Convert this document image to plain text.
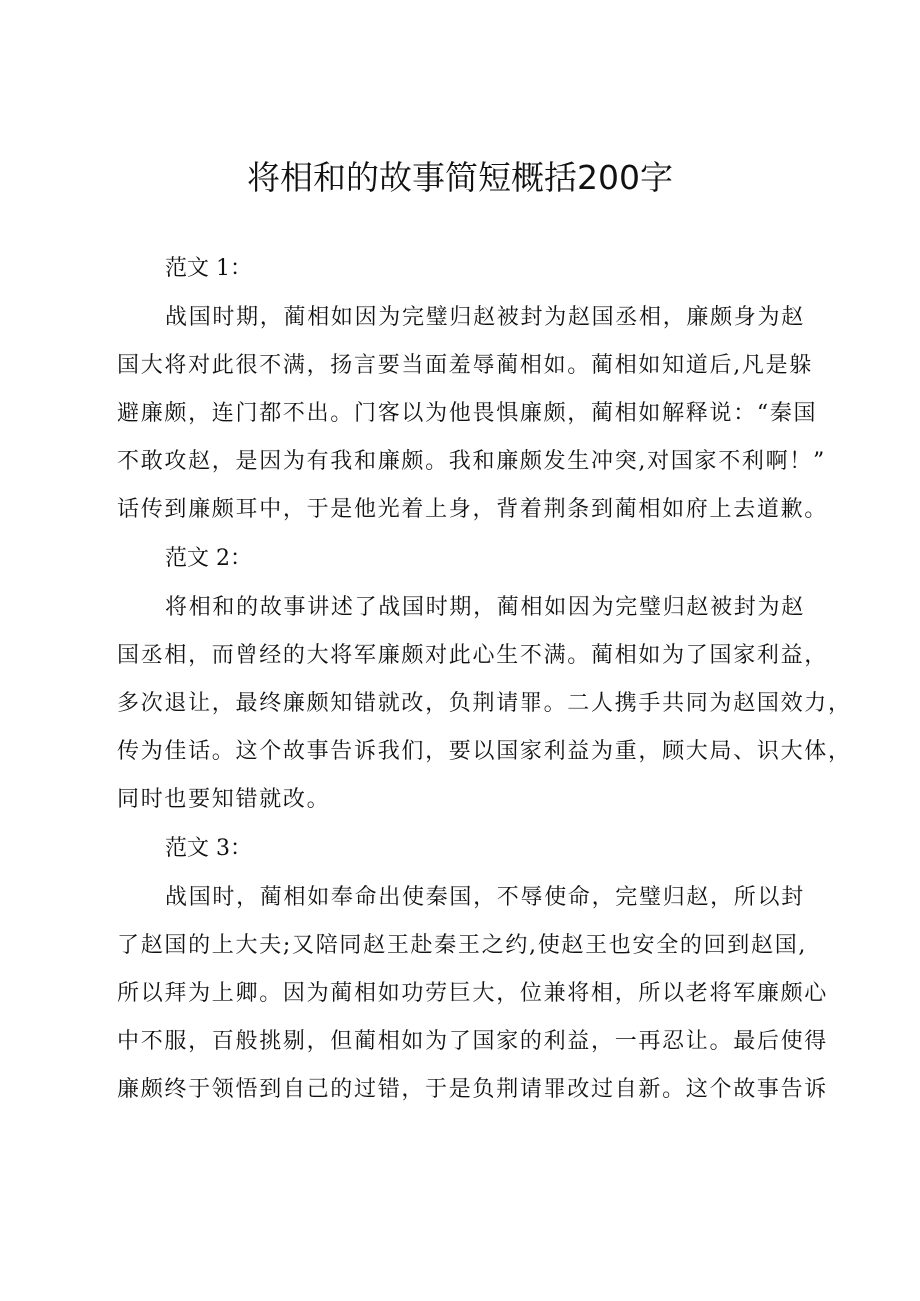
将相和的故事简短概括200字

范文 1：

战国时期，蔺相如因为完璧归赵被封为赵国丞相，廉颇身为赵

国大将对此很不满，扬言要当面羞辱蔺相如。蔺相如知道后,凡是躲

避廉颇，连门都不出。门客以为他畏惧廉颇，蔺相如解释说：“秦国

不敢攻赵，是因为有我和廉颇。我和廉颇发生冲突,对国家不利啊！”

话传到廉颇耳中，于是他光着上身，背着荆条到蔺相如府上去道歉。

范文 2：

将相和的故事讲述了战国时期，蔺相如因为完璧归赵被封为赵

国丞相，而曾经的大将军廉颇对此心生不满。蔺相如为了国家利益，

多次退让，最终廉颇知错就改，负荆请罪。二人携手共同为赵国效力，

传为佳话。这个故事告诉我们，要以国家利益为重，顾大局、识大体，

同时也要知错就改。

范文 3：

战国时，蔺相如奉命出使秦国，不辱使命，完璧归赵，所以封

了赵国的上大夫;又陪同赵王赴秦王之约,使赵王也安全的回到赵国,

所以拜为上卿。因为蔺相如功劳巨大，位兼将相，所以老将军廉颇心

中不服，百般挑剔，但蔺相如为了国家的利益，一再忍让。最后使得

廉颇终于领悟到自己的过错，于是负荆请罪改过自新。这个故事告诉
